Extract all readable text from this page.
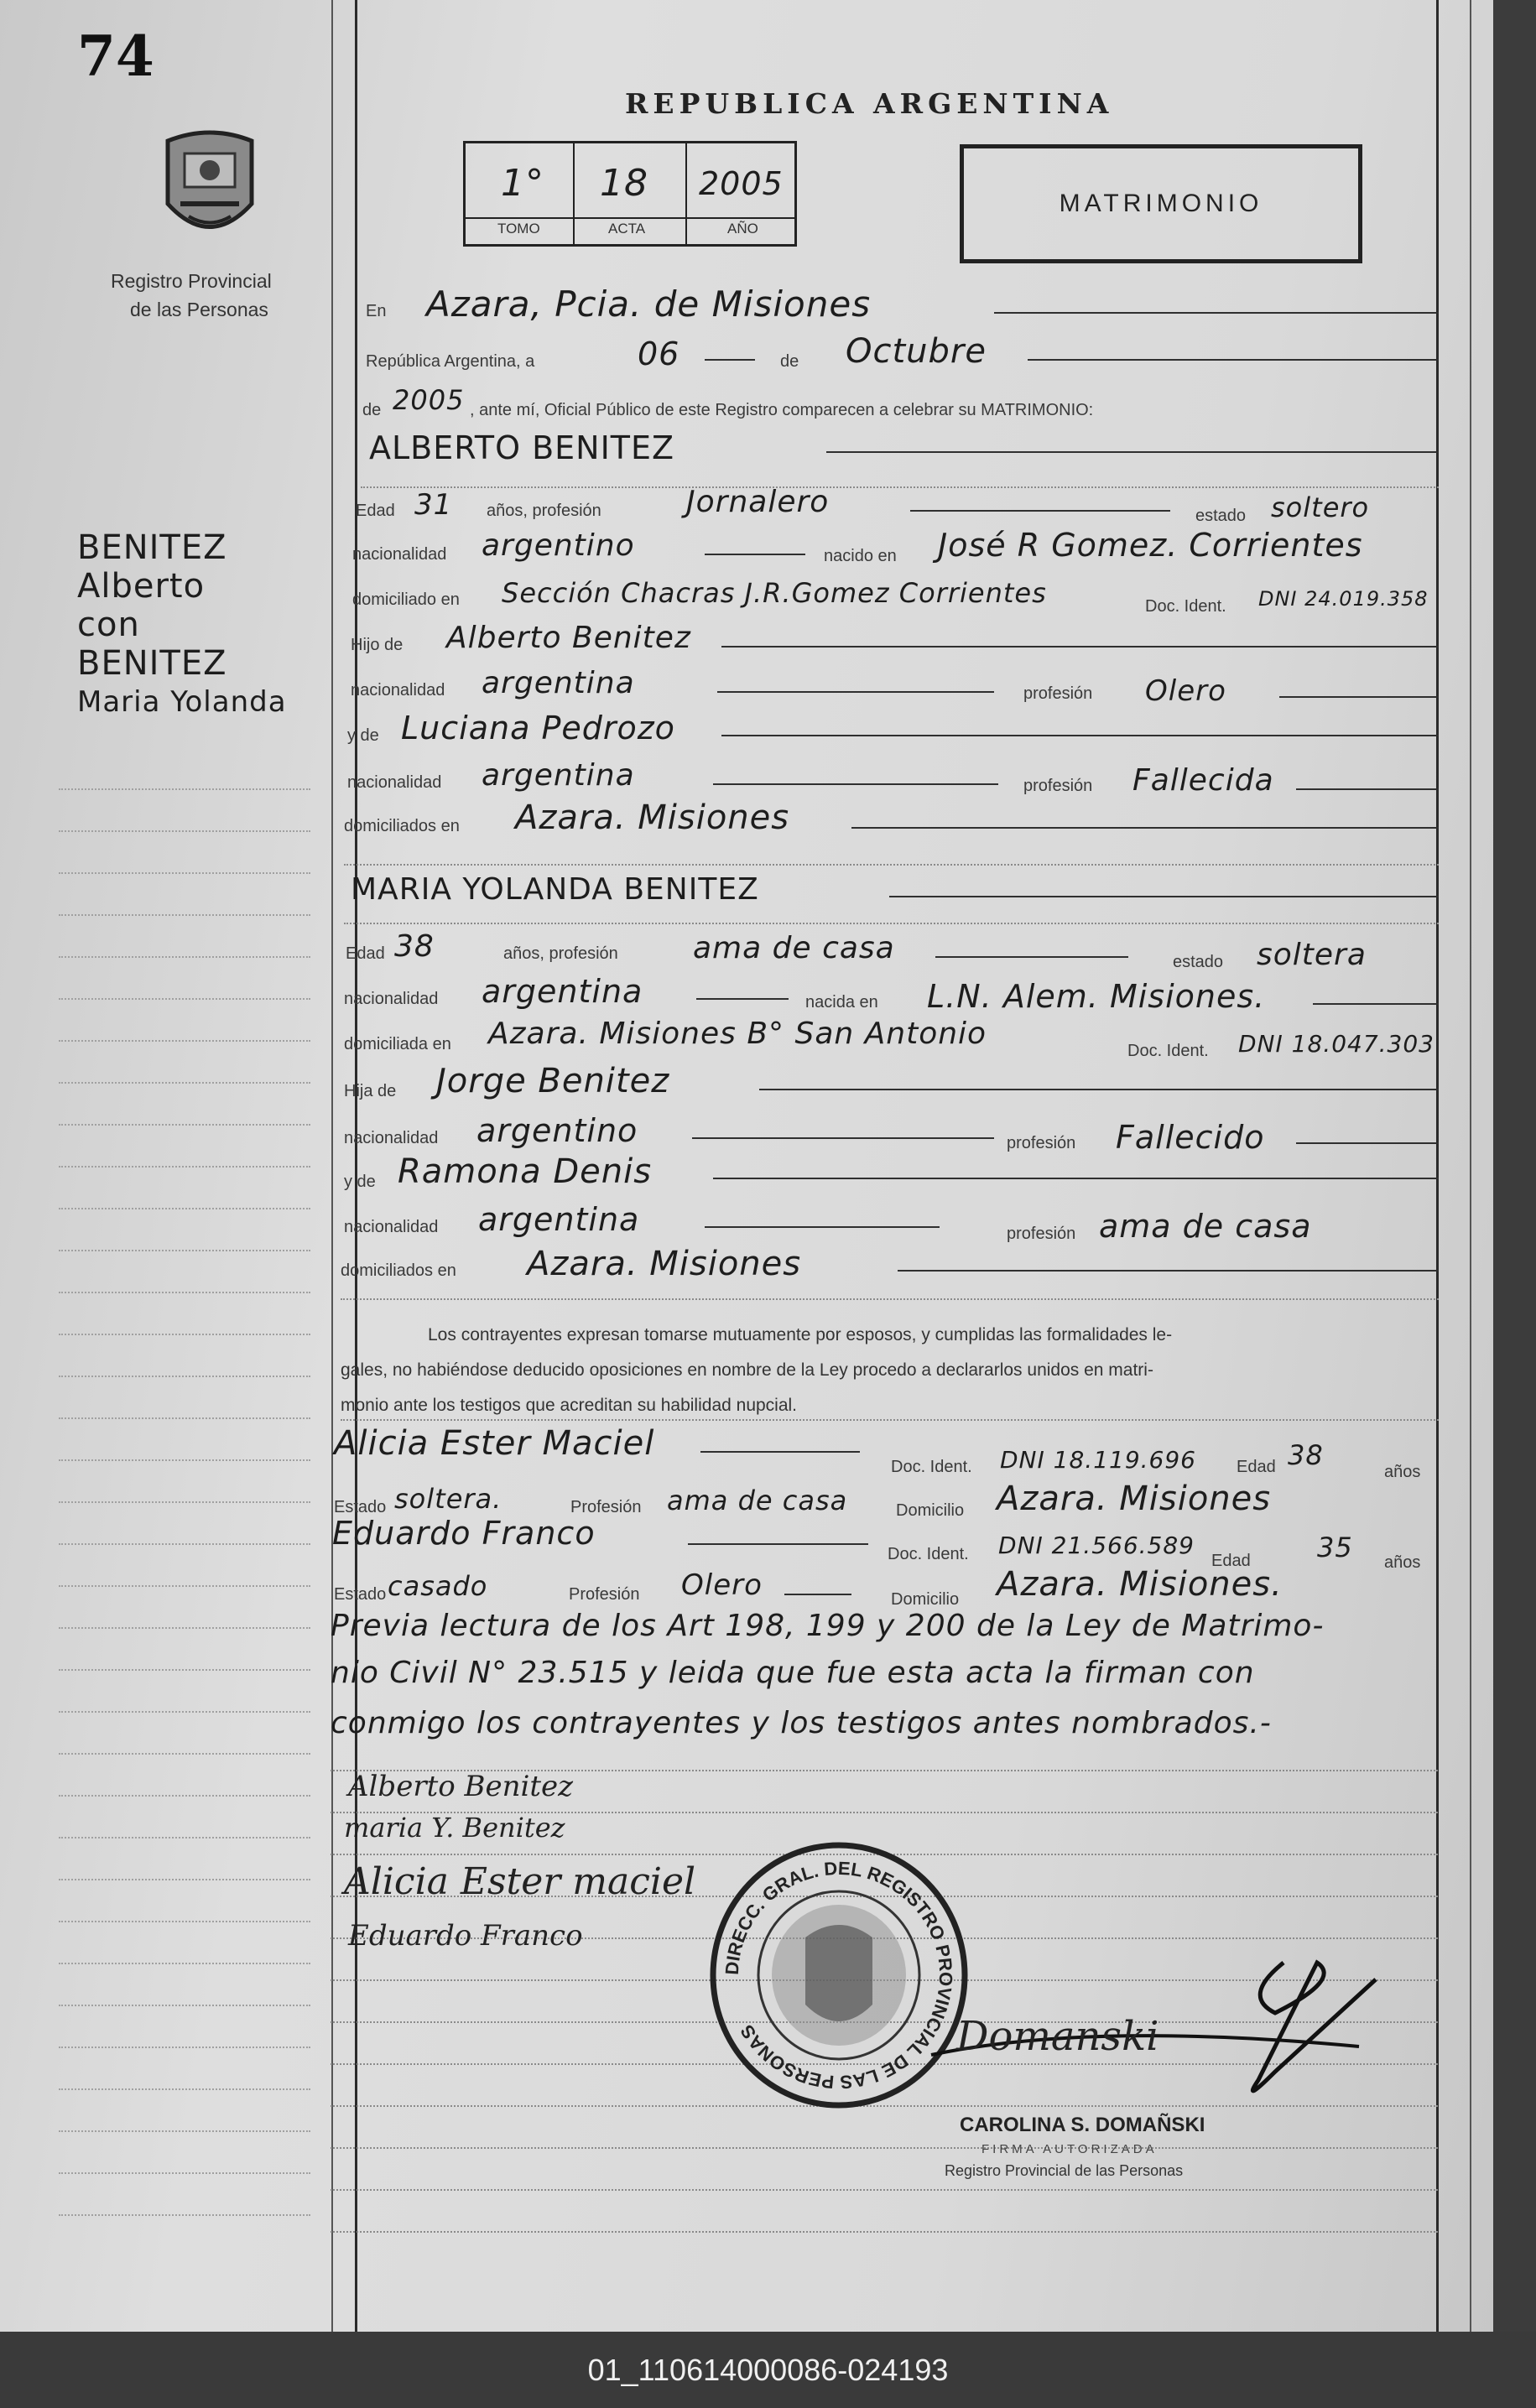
74
Registro Provincial
de las Personas
REPUBLICA ARGENTINA
1°
TOMO
18
ACTA
2005
AÑO
MATRIMONIO
BENITEZ
Alberto
con
BENITEZ
Maria Yolanda
En Azara, Pcia. de Misiones
República Argentina, a	06	de Octubre
de 2005 , ante mí, Oficial Público de este Registro comparecen a celebrar su MATRIMONIO:
ALBERTO BENITEZ
Edad 31 años, profesión	Jornalero	estado soltero
nacionalidad argentino	nacido en José R Gomez. Corrientes
domiciliado en Sección Chacras J.R.Gomez Corrientes	Doc. Ident. DNI 24.019.358
Hijo de Alberto Benitez
nacionalidad argentina	profesión Olero
y de Luciana Pedrozo
nacionalidad argentina	profesión Fallecida
domiciliados en Azara. Misiones
MARIA YOLANDA BENITEZ
Edad 38	años, profesión ama de casa	estado soltera
nacionalidad argentina	nacida en L.N. Alem. Misiones.
domiciliada en Azara. Misiones B° San Antonio	Doc. Ident. DNI 18.047.303
Hija de Jorge Benitez
nacionalidad argentino	profesión Fallecido
y de Ramona Denis
nacionalidad argentina	profesión ama de casa
domiciliados en Azara. Misiones
Los contrayentes expresan tomarse mutuamente por esposos, y cumplidas las formalidades le-
gales, no habiéndose deducido oposiciones en nombre de la Ley procedo a declararlos unidos en matri-
monio ante los testigos que acreditan su habilidad nupcial.
Alicia Ester Maciel
Doc. Ident. DNI 18.119.696 Edad 38
años
Estado soltera.	Profesión ama de casa	Domicilio Azara. Misiones
Eduardo Franco
Doc. Ident. DNI 21.566.589
Edad 35 años
Estado casado	Profesión Olero	Domicilio Azara. Misiones.
Previa lectura de los Art 198, 199 y 200 de la Ley de Matrimo-
nio Civil N° 23.515 y leida que fue esta acta la firman con
conmigo los contrayentes y los testigos antes nombrados.-
Alberto Benitez
maria Y. Benitez
Alicia Ester maciel
Eduardo Franco
DIRECC. GRAL. DEL REGISTRO PROVINCIAL DE LAS PERSONAS	Domanski
CAROLINA S. DOMAÑSKI
FIRMA AUTORIZADA
Registro Provincial de las Personas
01_110614000086-024193
